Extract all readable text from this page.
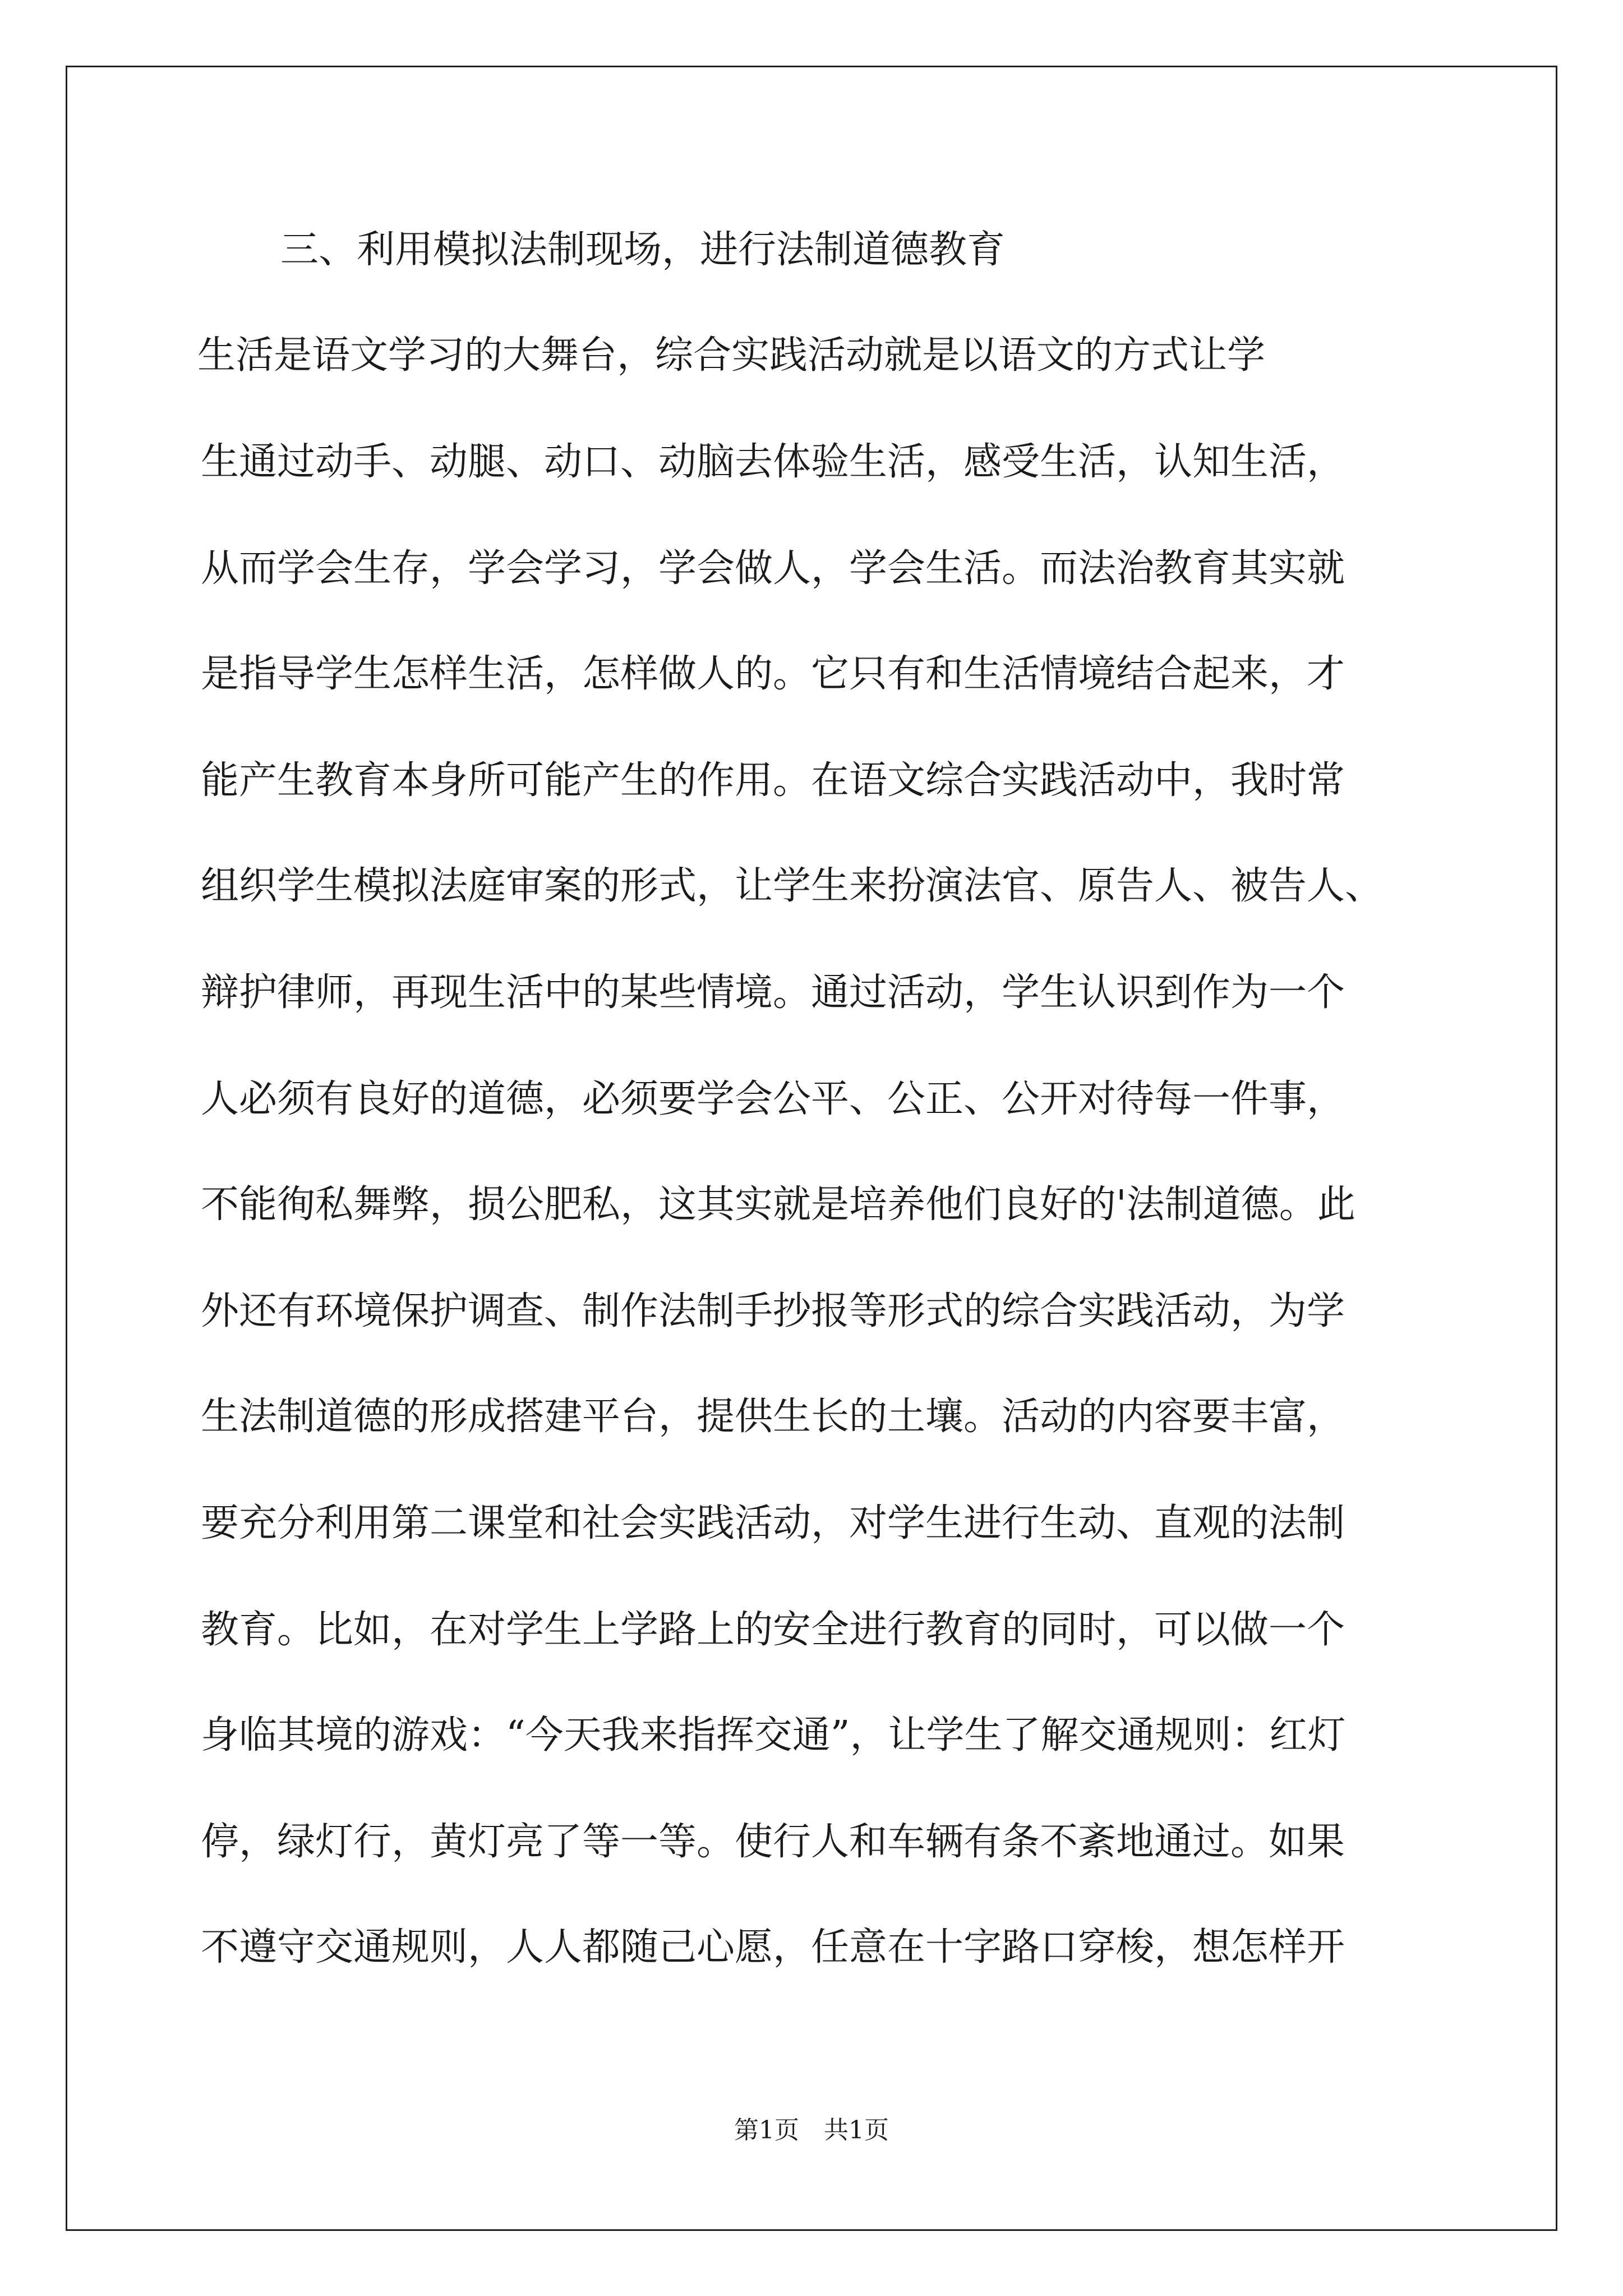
三、利用模拟法制现场，进行法制道德教育
　　生活是语文学习的大舞台，综合实践活动就是以语文的方式让学
生通过动手、动腿、动口、动脑去体验生活，感受生活，认知生活，
从而学会生存，学会学习，学会做人，学会生活。而法治教育其实就
是指导学生怎样生活，怎样做人的。它只有和生活情境结合起来，才
能产生教育本身所可能产生的作用。在语文综合实践活动中，我时常
组织学生模拟法庭审案的形式，让学生来扮演法官、原告人、被告人、
辩护律师，再现生活中的某些情境。通过活动，学生认识到作为一个
人必须有良好的道德，必须要学会公平、公正、公开对待每一件事，
不能徇私舞弊，损公肥私，这其实就是培养他们良好的'法制道德。此
外还有环境保护调查、制作法制手抄报等形式的综合实践活动，为学
生法制道德的形成搭建平台，提供生长的土壤。活动的内容要丰富，
要充分利用第二课堂和社会实践活动，对学生进行生动、直观的法制
教育。比如，在对学生上学路上的安全进行教育的同时，可以做一个
身临其境的游戏：“今天我来指挥交通”，让学生了解交通规则：红灯
停，绿灯行，黄灯亮了等一等。使行人和车辆有条不紊地通过。如果
不遵守交通规则，人人都随己心愿，任意在十字路口穿梭，想怎样开
第1页　共1页
